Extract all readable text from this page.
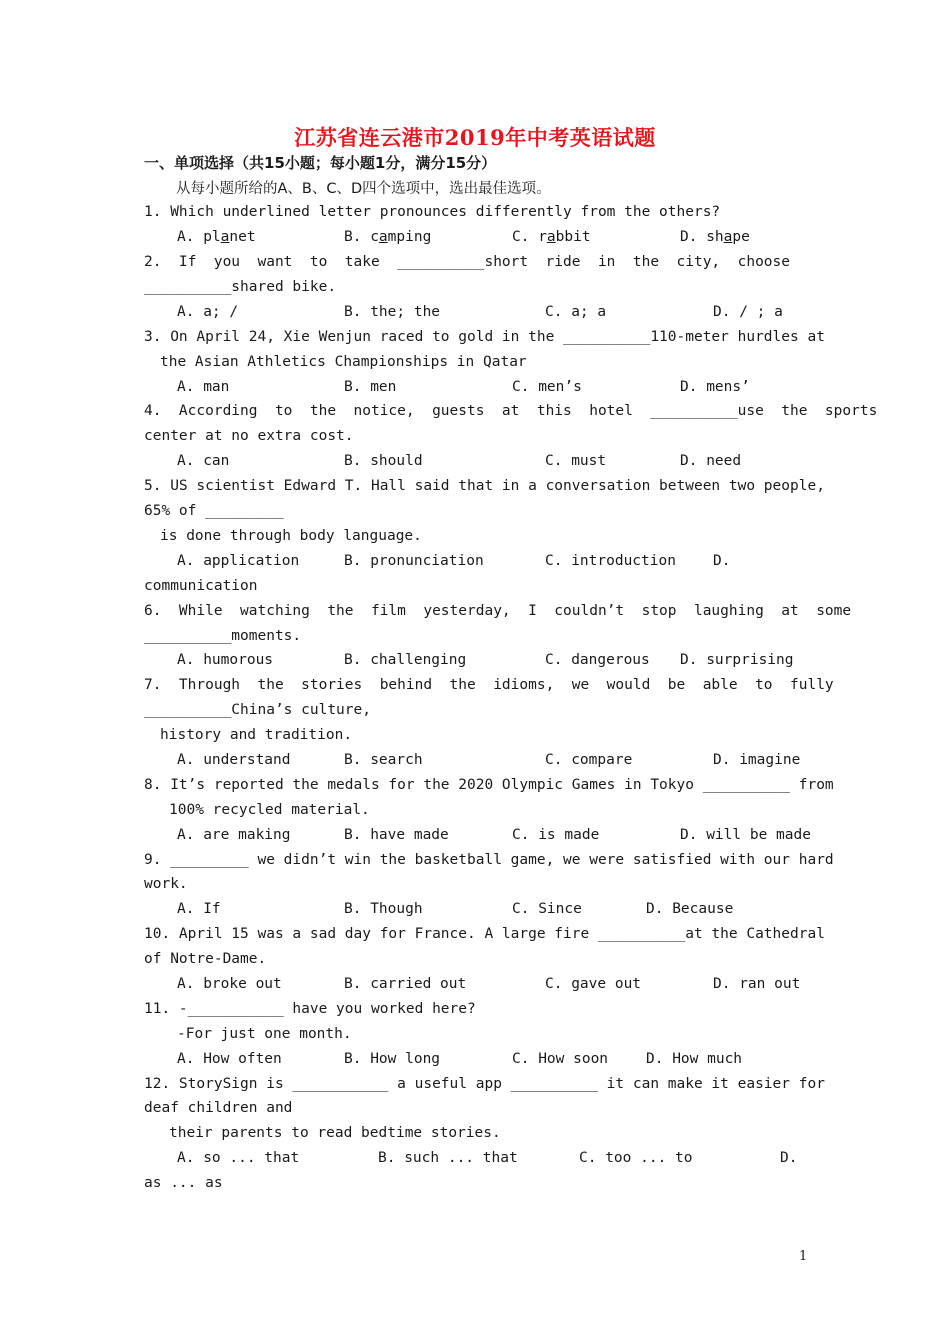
江苏省连云港市2019年中考英语试题
一、单项选择（共15小题；每小题1分，满分15分）
从每小题所给的A、B、C、D四个选项中，选出最佳选项。
1. Which underlined letter pronounces differently from the others?
A. planet	B. camping	C. rabbit	D. shape
2.  If  you  want  to  take  __________short  ride  in  the  city,  choose
__________shared bike.
A. a; /	B. the; the	C. a; a	D. / ; a
3. On April 24, Xie Wenjun raced to gold in the __________110-meter hurdles at
the Asian Athletics Championships in Qatar
A. man	B. men	C. men’s	D. mens’
4.  According  to  the  notice,  guests  at  this  hotel  __________use  the  sports
center at no extra cost.
A. can	B. should	C. must	D. need
5. US scientist Edward T. Hall said that in a conversation between two people,
65% of _________
is done through body language.
A. application	B. pronunciation	C. introduction	D.
communication
6.  While  watching  the  film  yesterday,  I  couldn’t  stop  laughing  at  some
__________moments.
A. humorous	B. challenging	C. dangerous D. surprising
7.  Through  the  stories  behind  the  idioms,  we  would  be  able  to  fully
__________China’s culture,
history and tradition.
A. understand	B. search	C. compare	D. imagine
8. It’s reported the medals for the 2020 Olympic Games in Tokyo __________ from
100% recycled material.
A. are making	B. have made	C. is made	D. will be made
9. _________ we didn’t win the basketball game, we were satisfied with our hard
work.
A. If	B. Though	C. Since	D. Because
10. April 15 was a sad day for France. A large fire __________at the Cathedral
of Notre-Dame.
A. broke out	B. carried out	C. gave out	D. ran out
11. -___________ have you worked here?
-For just one month.
A. How often	B. How long	C. How soon	D. How much
12. StorySign is ___________ a useful app __________ it can make it easier for
deaf children and
their parents to read bedtime stories.
A. so ... that	B. such ... that	C. too ... to	D.
as ... as
1
